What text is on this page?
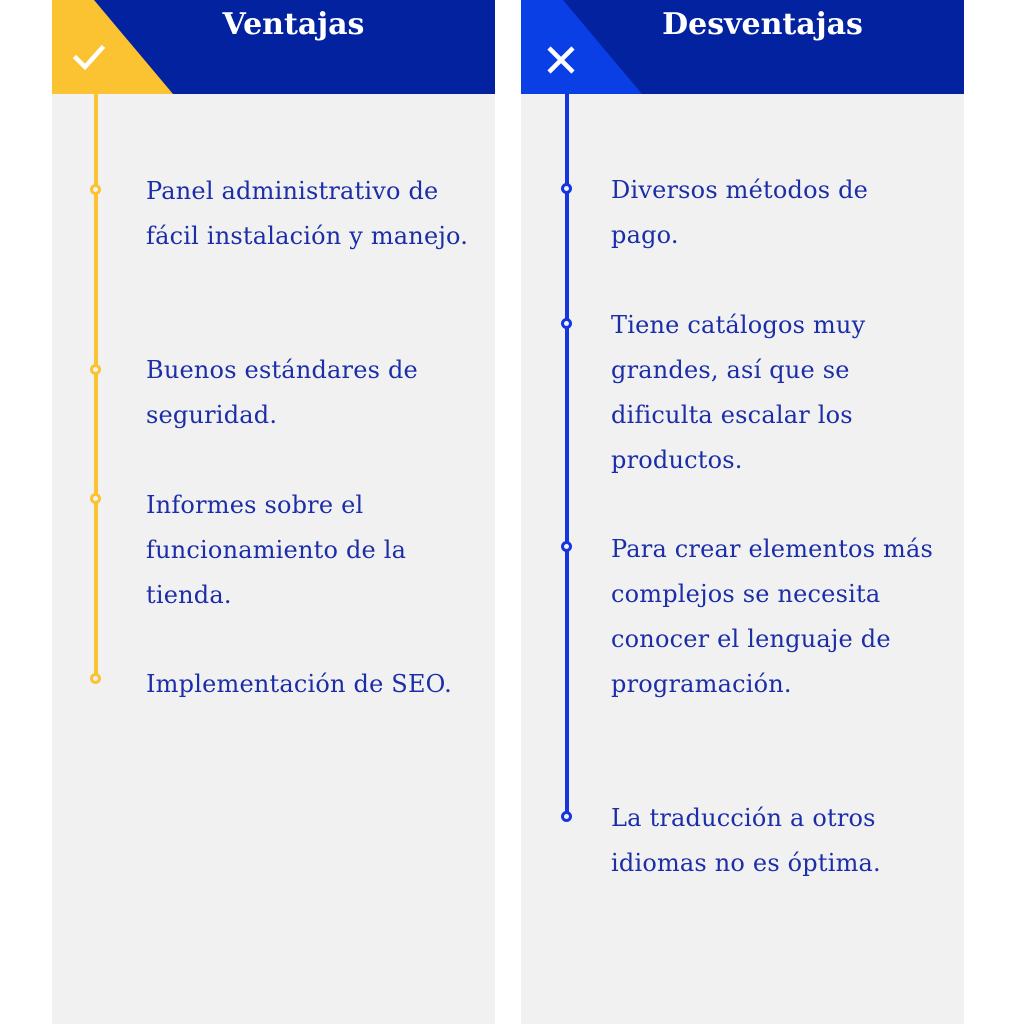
Ventajas
Panel administrativo de fácil instalación y manejo.
Buenos estándares de seguridad.
Informes sobre el funcionamiento de la tienda.
Implementación de SEO.
Desventajas
Diversos métodos de pago.
Tiene catálogos muy grandes, así que se dificulta escalar los productos.
Para crear elementos más complejos se necesita conocer el lenguaje de programación.
La traducción a otros idiomas no es óptima.
